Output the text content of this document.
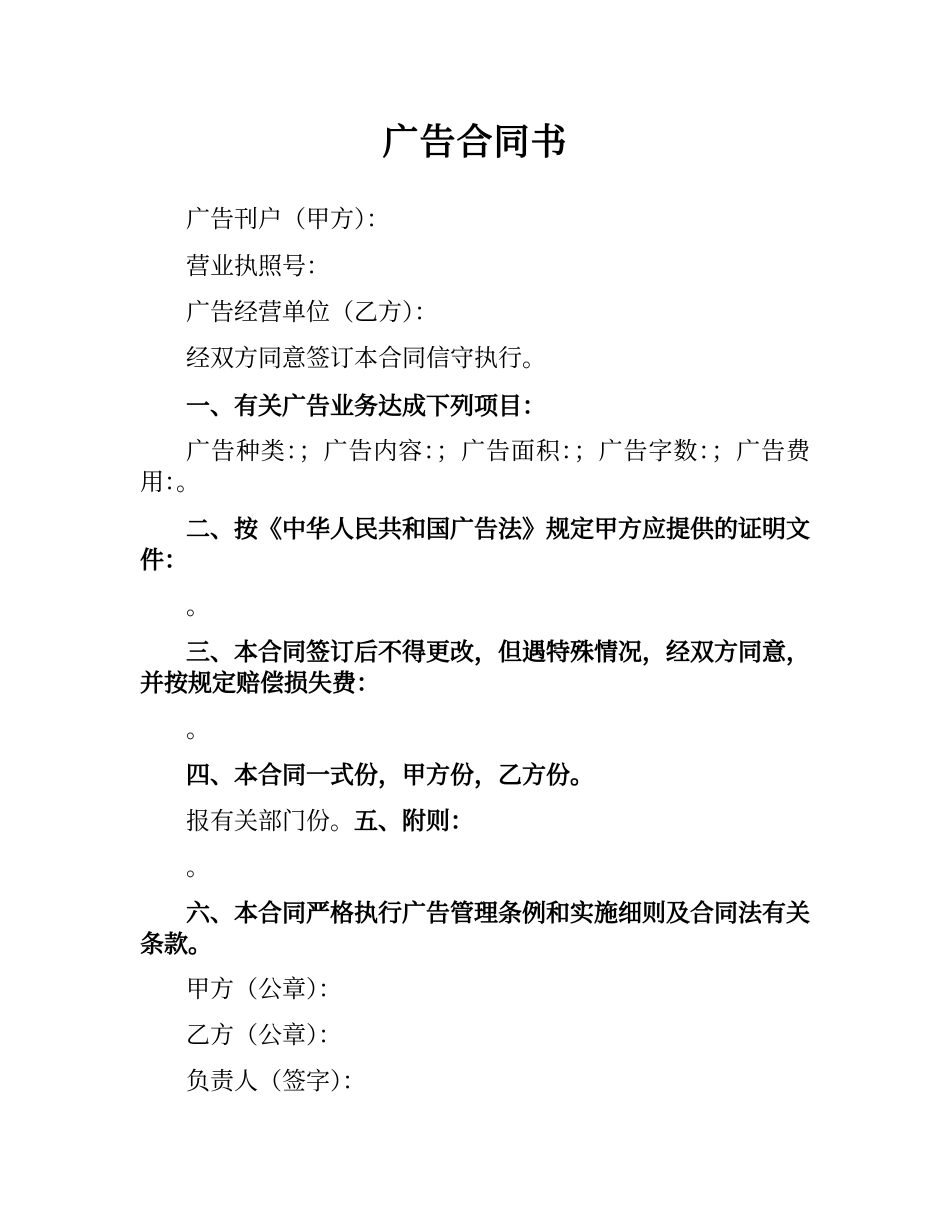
广告合同书

广告刊户（甲方）：

营业执照号：

广告经营单位（乙方）：

经双方同意签订本合同信守执行。

一、有关广告业务达成下列项目：

广告种类：；广告内容：；广告面积：；广告字数：；广告费用：。

二、按《中华人民共和国广告法》规定甲方应提供的证明文件：

。

三、本合同签订后不得更改，但遇特殊情况，经双方同意，并按规定赔偿损失费：

。

四、本合同一式份，甲方份，乙方份。

报有关部门份。五、附则：

。

六、本合同严格执行广告管理条例和实施细则及合同法有关条款。

甲方（公章）：

乙方（公章）：

负责人（签字）：
